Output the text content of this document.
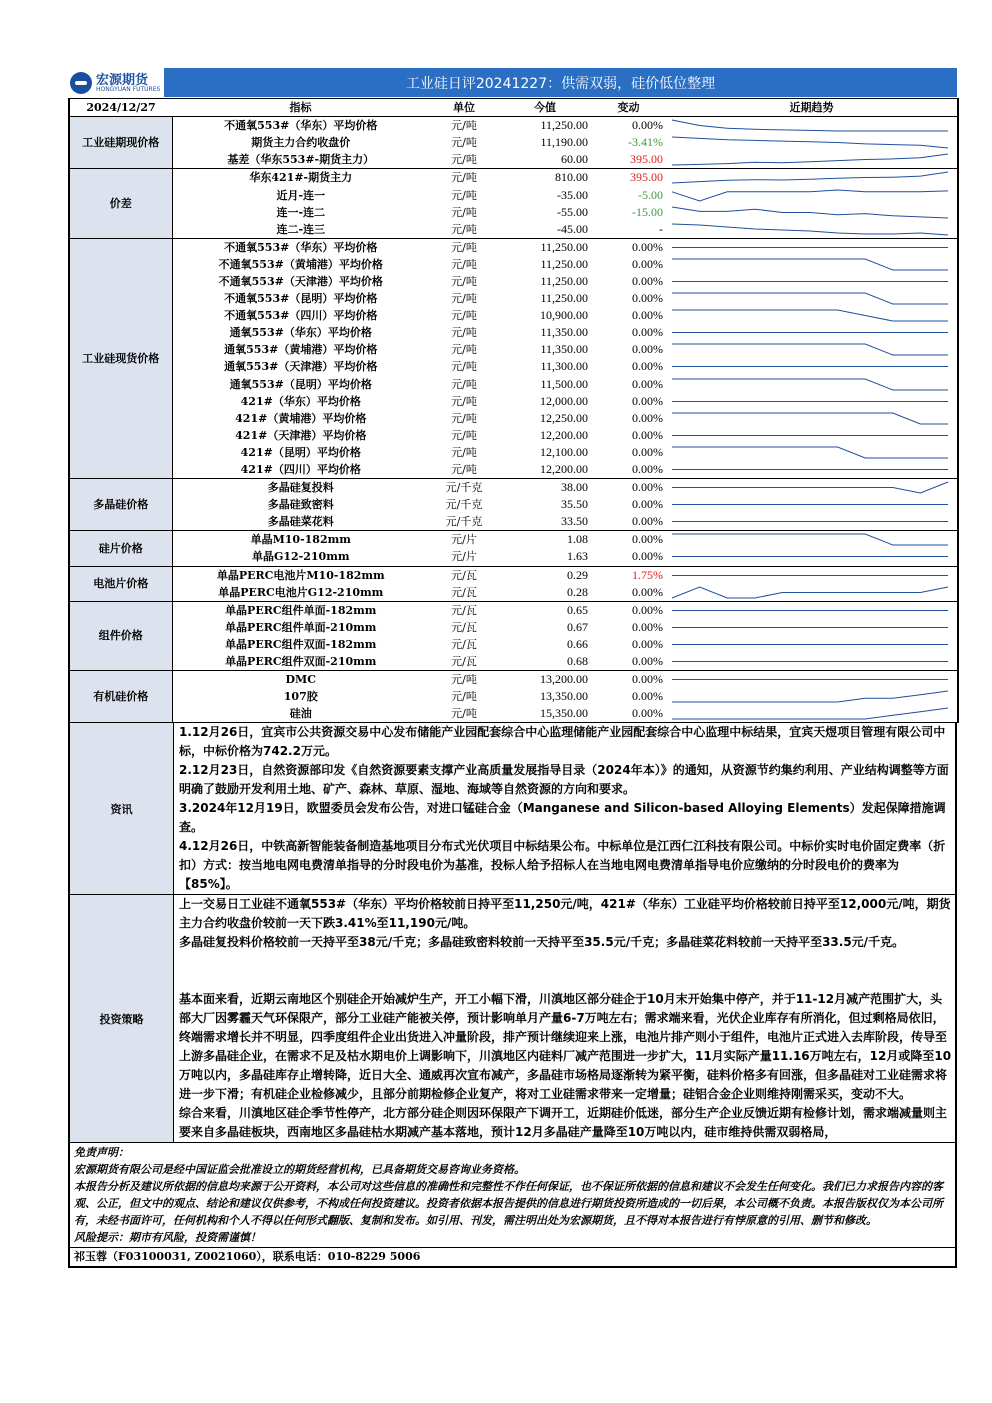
宏源期货
HONGYUAN FUTURES	工业硅日评20241227：供需双弱，硅价低位整理
2024/12/27	指标	单位	今值	变动	近期趋势
工业硅期现价格	不通氧553#（华东）平均价格	元/吨	11,250.00	0.00%	

	期货主力合约收盘价	元/吨	11,190.00	-3.41%	

	基差（华东553#-期货主力）	元/吨	60.00	395.00	

价差	华东421#-期货主力	元/吨	810.00	395.00	

	近月-连一	元/吨	-35.00	-5.00	

	连一-连二	元/吨	-55.00	-15.00	

	连二-连三	元/吨	-45.00	-	

工业硅现货价格	不通氧553#（华东）平均价格	元/吨	11,250.00	0.00%	

	不通氧553#（黄埔港）平均价格	元/吨	11,250.00	0.00%	

	不通氧553#（天津港）平均价格	元/吨	11,250.00	0.00%	

	不通氧553#（昆明）平均价格	元/吨	11,250.00	0.00%	

	不通氧553#（四川）平均价格	元/吨	10,900.00	0.00%	

	通氧553#（华东）平均价格	元/吨	11,350.00	0.00%	

	通氧553#（黄埔港）平均价格	元/吨	11,350.00	0.00%	

	通氧553#（天津港）平均价格	元/吨	11,300.00	0.00%	

	通氧553#（昆明）平均价格	元/吨	11,500.00	0.00%	

	421#（华东）平均价格	元/吨	12,000.00	0.00%	

	421#（黄埔港）平均价格	元/吨	12,250.00	0.00%	

	421#（天津港）平均价格	元/吨	12,200.00	0.00%	

	421#（昆明）平均价格	元/吨	12,100.00	0.00%	

	421#（四川）平均价格	元/吨	12,200.00	0.00%	

多晶硅价格	多晶硅复投料	元/千克	38.00	0.00%	

	多晶硅致密料	元/千克	35.50	0.00%	

	多晶硅菜花料	元/千克	33.50	0.00%	

硅片价格	单晶M10-182mm	元/片	1.08	0.00%	

	单晶G12-210mm	元/片	1.63	0.00%	

电池片价格	单晶PERC电池片M10-182mm	元/瓦	0.29	1.75%	

	单晶PERC电池片G12-210mm	元/瓦	0.28	0.00%	

组件价格	单晶PERC组件单面-182mm	元/瓦	0.65	0.00%	

	单晶PERC组件单面-210mm	元/瓦	0.67	0.00%	

	单晶PERC组件双面-182mm	元/瓦	0.66	0.00%	

	单晶PERC组件双面-210mm	元/瓦	0.68	0.00%	

有机硅价格	DMC	元/吨	13,200.00	0.00%	

	107胶	元/吨	13,350.00	0.00%	

	硅油	元/吨	15,350.00	0.00%	
资讯

1.12月26日，宜宾市公共资源交易中心发布储能产业园配套综合中心监理储能产业园配套综合中心监理中标结果，宜宾天煜项目管理有限公司中标，中标价格为742.2万元。

2.12月23日，自然资源部印发《自然资源要素支撑产业高质量发展指导目录（2024年本）》的通知，从资源节约集约利用、产业结构调整等方面明确了鼓励开发利用土地、矿产、森林、草原、湿地、海域等自然资源的方向和要求。

3.2024年12月19日，欧盟委员会发布公告，对进口锰硅合金（Manganese and Silicon-based Alloying Elements）发起保障措施调查。

4.12月26日，中铁高新智能装备制造基地项目分布式光伏项目中标结果公布。中标单位是江西仁江科技有限公司。中标价实时电价固定费率（折扣）方式：按当地电网电费清单指导的分时段电价为基准，投标人给予招标人在当地电网电费清单指导电价应缴纳的分时段电价的费率为【85%】。

投资策略

上一交易日工业硅不通氧553#（华东）平均价格较前日持平至11,250元/吨，421#（华东）工业硅平均价格较前日持平至12,000元/吨，期货主力合约收盘价较前一天下跌3.41%至11,190元/吨。

多晶硅复投料价格较前一天持平至38元/千克；多晶硅致密料较前一天持平至35.5元/千克；多晶硅菜花料较前一天持平至33.5元/千克。

基本面来看，近期云南地区个别硅企开始减炉生产，开工小幅下滑，川滇地区部分硅企于10月末开始集中停产，并于11-12月减产范围扩大，头部大厂因雾霾天气环保限产，部分工业硅产能被关停，预计影响单月产量6-7万吨左右；需求端来看，光伏企业库存有所消化，但过剩格局依旧，终端需求增长并不明显，四季度组件企业出货进入冲量阶段，排产预计继续迎来上涨，电池片排产则小于组件，电池片正式进入去库阶段，传导至上游多晶硅企业，在需求不足及枯水期电价上调影响下，川滇地区内硅料厂减产范围进一步扩大，11月实际产量11.16万吨左右，12月或降至10万吨以内，多晶硅库存止增转降，近日大全、通威再次宣布减产，多晶硅市场格局逐渐转为紧平衡，硅料价格多有回涨，但多晶硅对工业硅需求将进一步下滑；有机硅企业检修减少，且部分前期检修企业复产，将对工业硅需求带来一定增量；硅铝合金企业则维持刚需采买，变动不大。

综合来看，川滇地区硅企季节性停产，北方部分硅企则因环保限产下调开工，近期硅价低迷，部分生产企业反馈近期有检修计划，需求端减量则主要来自多晶硅板块，西南地区多晶硅枯水期减产基本落地，预计12月多晶硅产量降至10万吨以内，硅市维持供需双弱格局，

免责声明：
宏源期货有限公司是经中国证监会批准设立的期货经营机构，已具备期货交易咨询业务资格。
本报告分析及建议所依据的信息均来源于公开资料，本公司对这些信息的准确性和完整性不作任何保证，也不保证所依据的信息和建议不会发生任何变化。我们已力求报告内容的客观、公正，但文中的观点、结论和建议仅供参考，不构成任何投资建议。投资者依据本报告提供的信息进行期货投资所造成的一切后果，本公司概不负责。本报告版权仅为本公司所有，未经书面许可，任何机构和个人不得以任何形式翻版、复制和发布。如引用、刊发，需注明出处为宏源期货，且不得对本报告进行有悖原意的引用、删节和修改。
风险提示：期市有风险，投资需谨慎！
祁玉蓉（F03100031, Z0021060），联系电话：010-8229 5006
